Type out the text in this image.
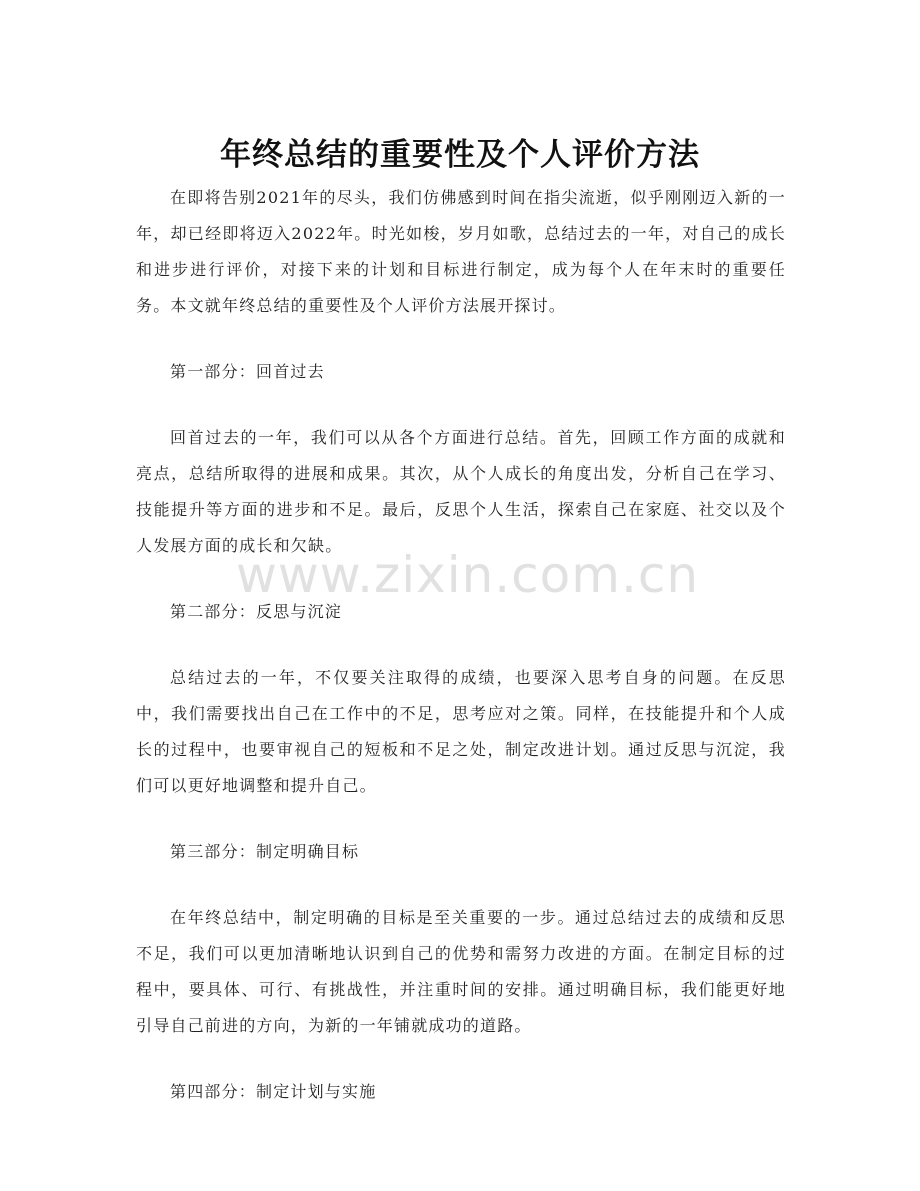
年终总结的重要性及个人评价方法

在即将告别2021年的尽头，我们仿佛感到时间在指尖流逝，似乎刚刚迈入新的一年，却已经即将迈入2022年。时光如梭，岁月如歌，总结过去的一年，对自己的成长和进步进行评价，对接下来的计划和目标进行制定，成为每个人在年末时的重要任务。本文就年终总结的重要性及个人评价方法展开探讨。

第一部分：回首过去

回首过去的一年，我们可以从各个方面进行总结。首先，回顾工作方面的成就和亮点，总结所取得的进展和成果。其次，从个人成长的角度出发，分析自己在学习、技能提升等方面的进步和不足。最后，反思个人生活，探索自己在家庭、社交以及个人发展方面的成长和欠缺。

第二部分：反思与沉淀

总结过去的一年，不仅要关注取得的成绩，也要深入思考自身的问题。在反思中，我们需要找出自己在工作中的不足，思考应对之策。同样，在技能提升和个人成长的过程中，也要审视自己的短板和不足之处，制定改进计划。通过反思与沉淀，我们可以更好地调整和提升自己。

第三部分：制定明确目标

在年终总结中，制定明确的目标是至关重要的一步。通过总结过去的成绩和反思不足，我们可以更加清晰地认识到自己的优势和需努力改进的方面。在制定目标的过程中，要具体、可行、有挑战性，并注重时间的安排。通过明确目标，我们能更好地引导自己前进的方向，为新的一年铺就成功的道路。

第四部分：制定计划与实施

www.zixin.com.cn
